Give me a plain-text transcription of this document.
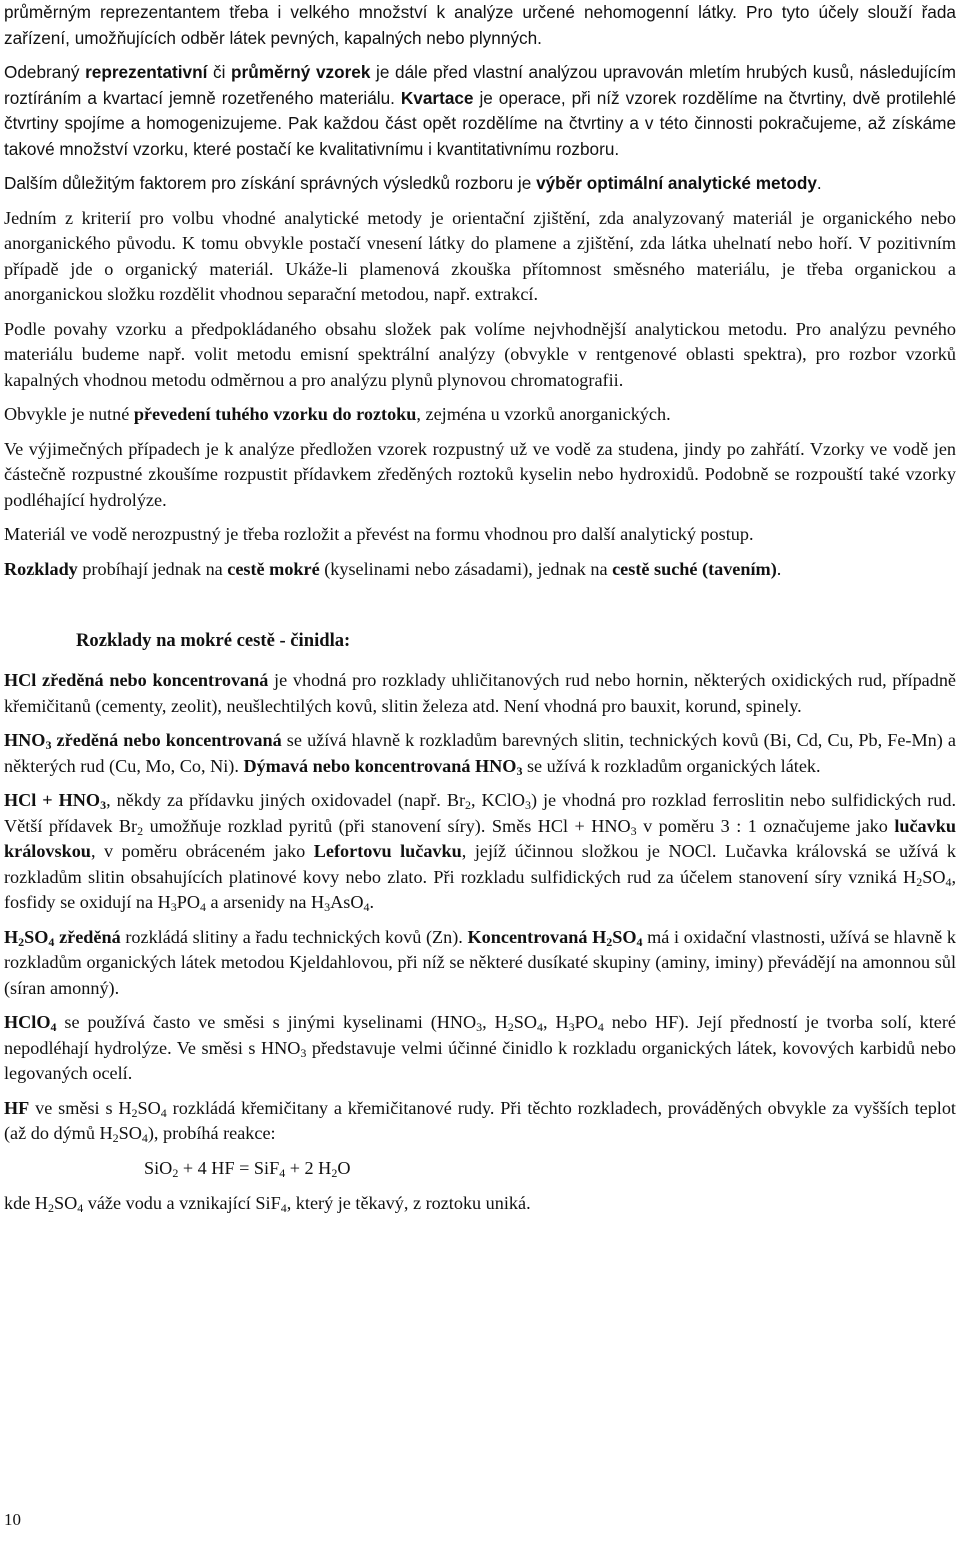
průměrným reprezentantem třeba i velkého množství k analýze určené nehomogenní látky. Pro tyto účely slouží řada zařízení, umožňujících odběr látek pevných, kapalných nebo plynných.

Odebraný reprezentativní či průměrný vzorek je dále před vlastní analýzou upravován mletím hrubých kusů, následujícím roztíráním a kvartací jemně rozetřeného materiálu. Kvartace je operace, při níž vzorek rozdělíme na čtvrtiny, dvě protilehlé čtvrtiny spojíme a homogenizujeme. Pak každou část opět rozdělíme na čtvrtiny a v této činnosti pokračujeme, až získáme takové množství vzorku, které postačí ke kvalitativnímu i kvantitativnímu rozboru.

Dalším důležitým faktorem pro získání správných výsledků rozboru je výběr optimální analytické metody.

Jedním z kriterií pro volbu vhodné analytické metody je orientační zjištění, zda analyzovaný materiál je organického nebo anorganického původu. K tomu obvykle postačí vnesení látky do plamene a zjištění, zda látka uhelnatí nebo hoří. V pozitivním případě jde o organický materiál. Ukáže-li plamenová zkouška přítomnost směsného materiálu, je třeba organickou a anorganickou složku rozdělit vhodnou separační metodou, např. extrakcí.

Podle povahy vzorku a předpokládaného obsahu složek pak volíme nejvhodnější analytickou metodu. Pro analýzu pevného materiálu budeme např. volit metodu emisní spektrální analýzy (obvykle v rentgenové oblasti spektra), pro rozbor vzorků kapalných vhodnou metodu odměrnou a pro analýzu plynů plynovou chromatografii.

Obvykle je nutné převedení tuhého vzorku do roztoku, zejména u vzorků anorganických.

Ve výjimečných případech je k analýze předložen vzorek rozpustný už ve vodě za studena, jindy po zahřátí. Vzorky ve vodě jen částečně rozpustné zkoušíme rozpustit přídavkem zředěných roztoků kyselin nebo hydroxidů. Podobně se rozpouští také vzorky podléhající hydrolýze.

Materiál ve vodě nerozpustný je třeba rozložit a převést na formu vhodnou pro další analytický postup.

Rozklady probíhají jednak na cestě mokré (kyselinami nebo zásadami), jednak na cestě suché (tavením).

Rozklady na mokré cestě - činidla:

HCl zředěná nebo koncentrovaná je vhodná pro rozklady uhličitanových rud nebo hornin, některých oxidických rud, případně křemičitanů (cementy, zeolit), neušlechtilých kovů, slitin železa atd. Není vhodná pro bauxit, korund, spinely.

$HNO_3$ zředěná nebo koncentrovaná se užívá hlavně k rozkladům barevných slitin, technických kovů (Bi, Cd, Cu, Pb, Fe-Mn) a některých rud (Cu, Mo, Co, Ni). Dýmavá nebo koncentrovaná $HNO_3$ se užívá k rozkladům organických látek.

HCl + $HNO_3$, někdy za přídavku jiných oxidovadel (např. $Br_2$, KClO$_3$) je vhodná pro rozklad ferroslitin nebo sulfidických rud. Větší přídavek $Br_2$ umožňuje rozklad pyritů (při stanovení síry). Směs HCl + $HNO_3$ v poměru 3 : 1 označujeme jako lučavku královskou, v poměru obráceném jako Lefortovu lučavku, jejíž účinnou složkou je NOCl. Lučavka královská se užívá k rozkladům slitin obsahujících platinové kovy nebo zlato. Při rozkladu sulfidických rud za účelem stanovení síry vzniká $H_2SO_4$, fosfidy se oxidují na $H_3PO_4$ a arsenidy na $H_3AsO_4$.

$H_2SO_4$ zředěná rozkládá slitiny a řadu technických kovů (Zn). Koncentrovaná $H_2SO_4$ má i oxidační vlastnosti, užívá se hlavně k rozkladům organických látek metodou Kjeldahlovou, při níž se některé dusíkaté skupiny (aminy, iminy) převádějí na amonnou sůl (síran amonný).

HClO$_4$ se používá často ve směsi s jinými kyselinami ($HNO_3$, $H_2SO_4$, $H_3PO_4$ nebo HF). Její předností je tvorba solí, které nepodléhají hydrolýze. Ve směsi s $HNO_3$ představuje velmi účinné činidlo k rozkladu organických látek, kovových karbidů nebo legovaných ocelí.

HF ve směsi s $H_2SO_4$ rozkládá křemičitany a křemičitanové rudy. Při těchto rozkladech, prováděných obvykle za vyšších teplot (až do dýmů $H_2SO_4$), probíhá reakce:

SiO$_2$ + 4 HF = SiF$_4$ + 2 $H_2O$

kde $H_2SO_4$ váže vodu a vznikající SiF$_4$, který je těkavý, z roztoku uniká.

10
